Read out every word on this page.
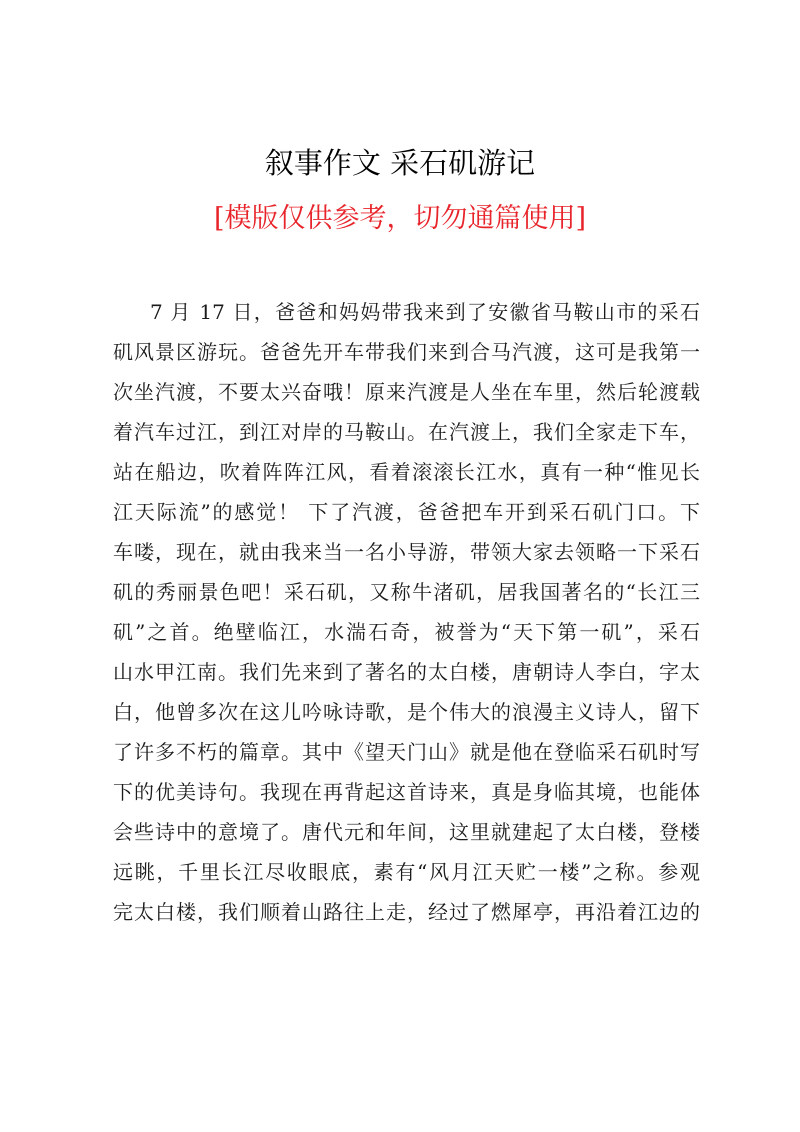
叙事作文 采石矶游记
[模版仅供参考，切勿通篇使用]
7 月 17 日，爸爸和妈妈带我来到了安徽省马鞍山市的采石
矶风景区游玩。爸爸先开车带我们来到合马汽渡，这可是我第一
次坐汽渡，不要太兴奋哦！原来汽渡是人坐在车里，然后轮渡载
着汽车过江，到江对岸的马鞍山。在汽渡上，我们全家走下车，
站在船边，吹着阵阵江风，看着滚滚长江水，真有一种“惟见长
江天际流”的感觉！ 下了汽渡，爸爸把车开到采石矶门口。下
车喽，现在，就由我来当一名小导游，带领大家去领略一下采石
矶的秀丽景色吧！采石矶，又称牛渚矶，居我国著名的“长江三
矶”之首。绝壁临江，水湍石奇，被誉为“天下第一矶”，采石
山水甲江南。我们先来到了著名的太白楼，唐朝诗人李白，字太
白，他曾多次在这儿吟咏诗歌，是个伟大的浪漫主义诗人，留下
了许多不朽的篇章。其中《望天门山》就是他在登临采石矶时写
下的优美诗句。我现在再背起这首诗来，真是身临其境，也能体
会些诗中的意境了。唐代元和年间，这里就建起了太白楼，登楼
远眺，千里长江尽收眼底，素有“风月江天贮一楼”之称。参观
完太白楼，我们顺着山路往上走，经过了燃犀亭，再沿着江边的
